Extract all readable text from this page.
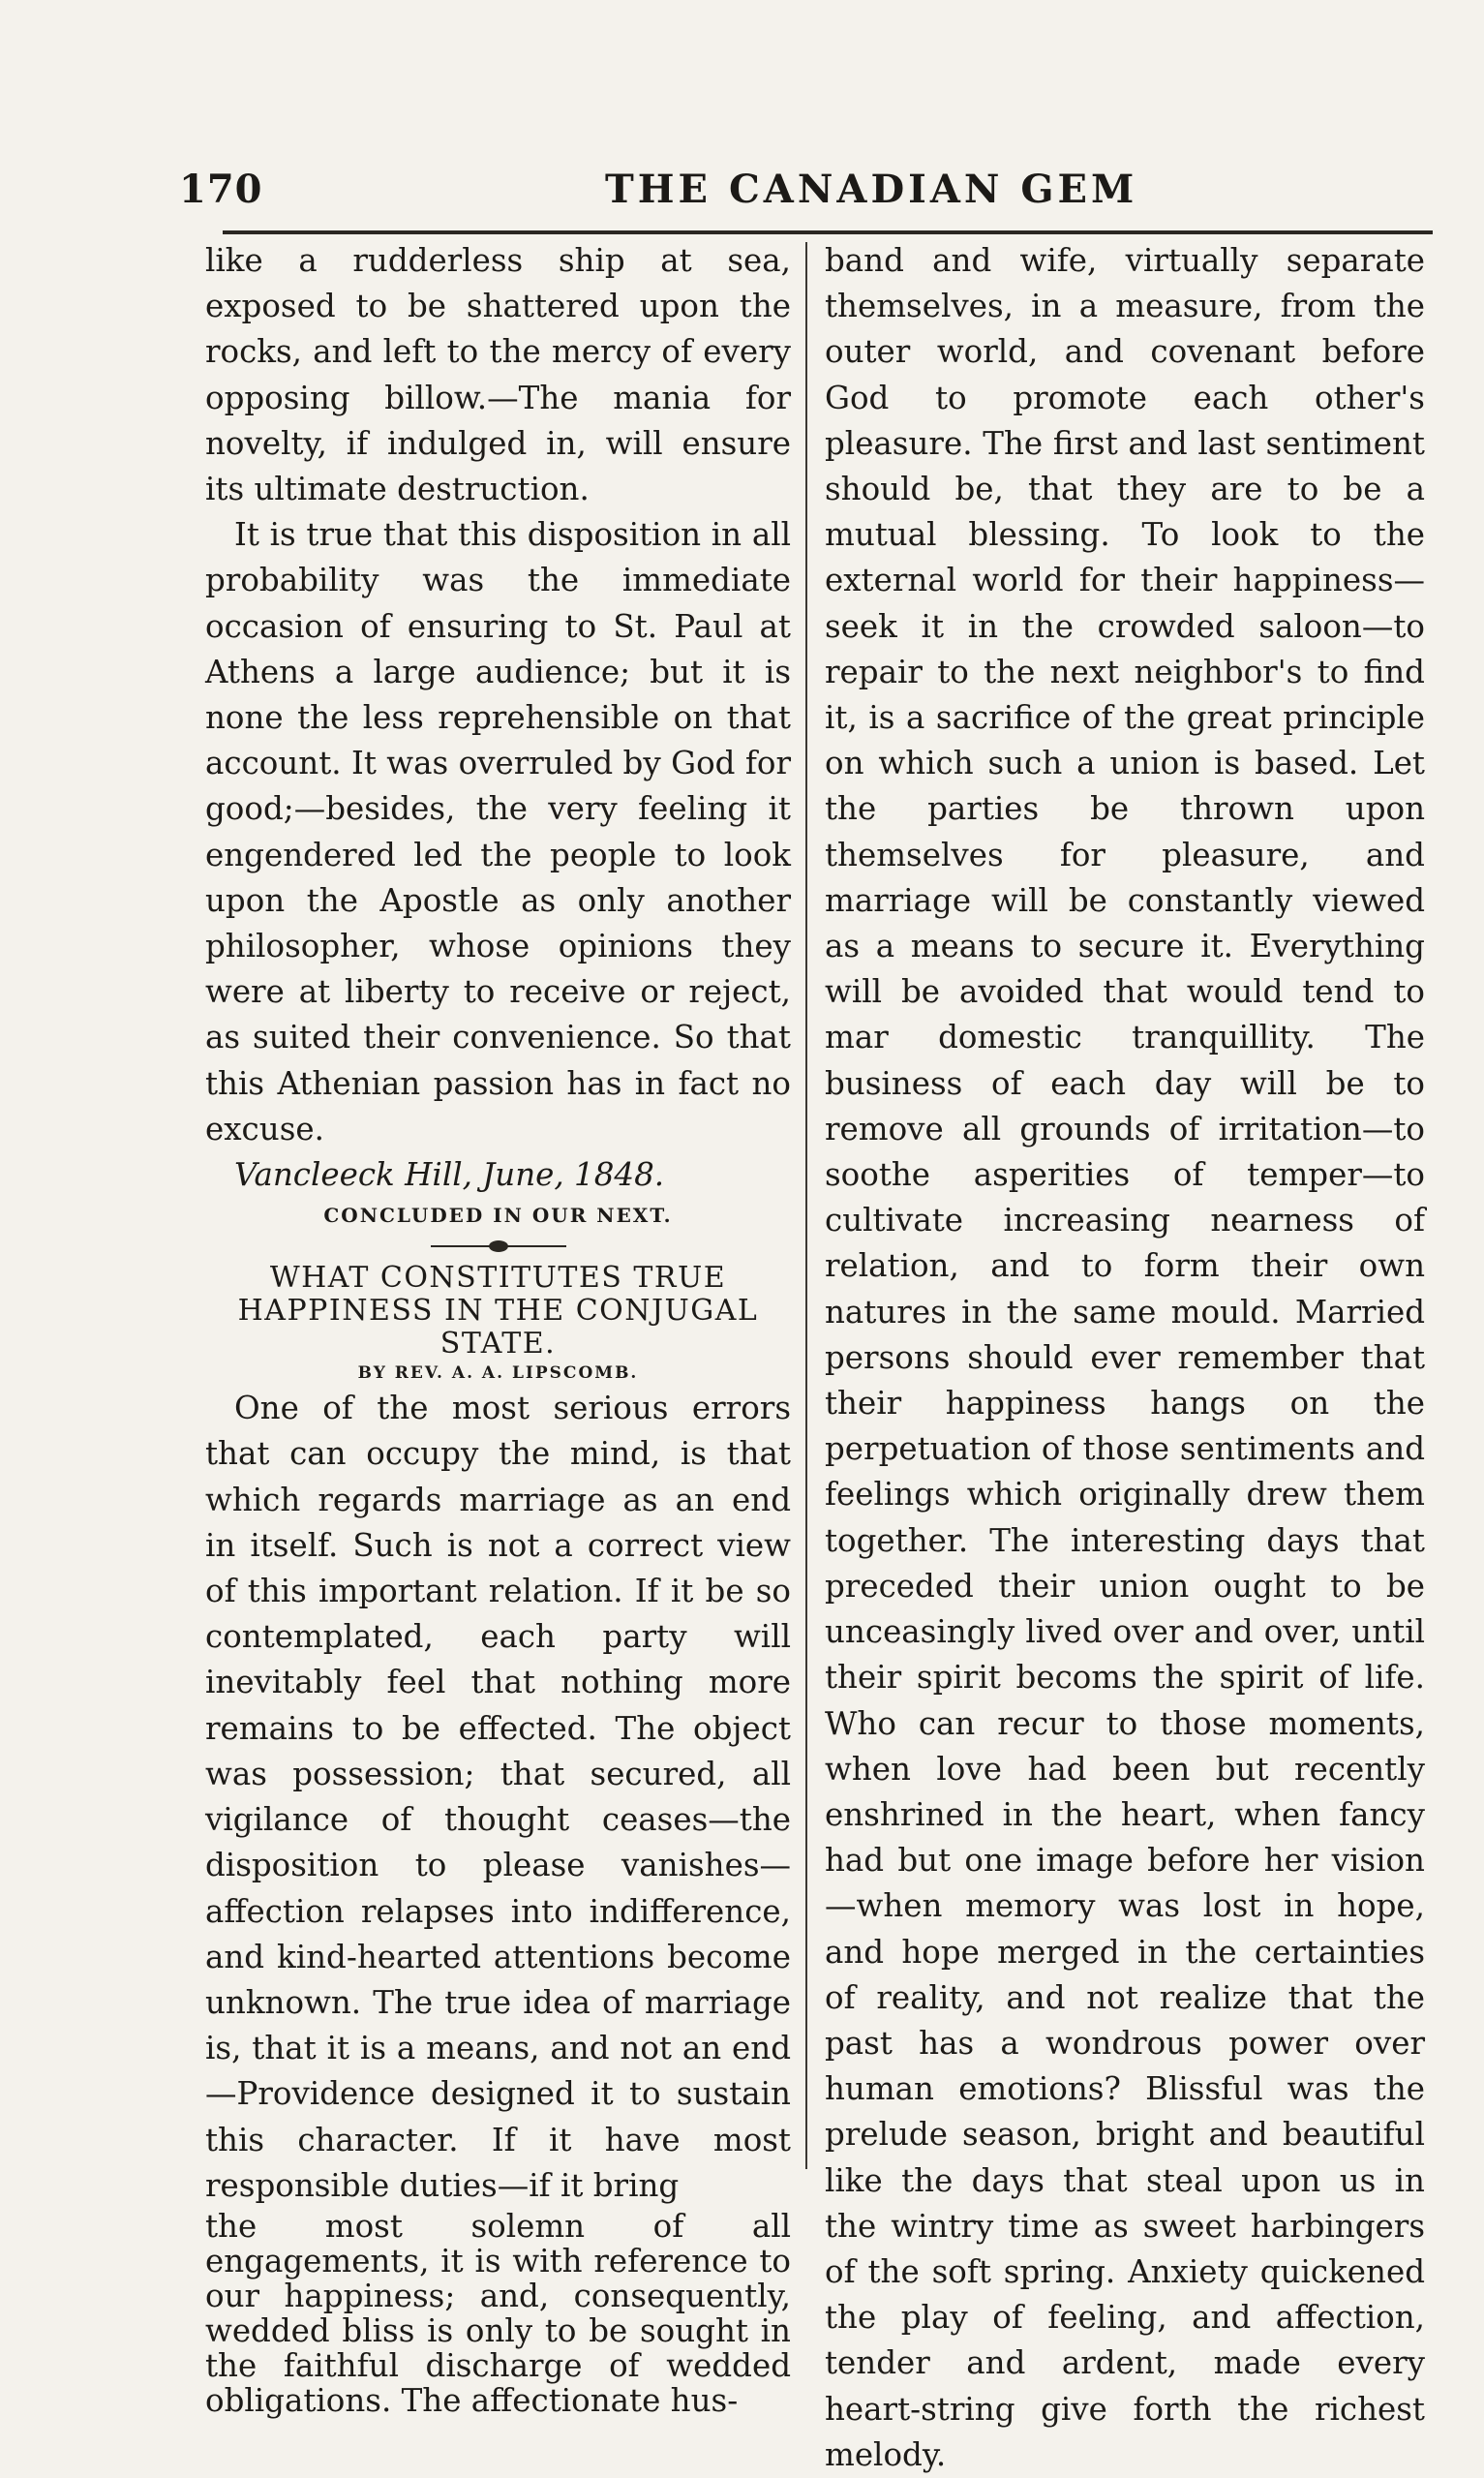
170	THE CANADIAN GEM

like a rudderless ship at sea, exposed to be shattered upon the rocks, and left to the mercy of every opposing billow.—The mania for novelty, if indulged in, will ensure its ultimate destruction.

It is true that this disposition in all probability was the immediate occasion of ensuring to St. Paul at Athens a large audience; but it is none the less reprehensible on that account. It was overruled by God for good;—besides, the very feeling it engendered led the people to look upon the Apostle as only another philosopher, whose opinions they were at liberty to receive or reject, as suited their convenience. So that this Athenian passion has in fact no excuse.

Vancleeck Hill, June, 1848.

CONCLUDED IN OUR NEXT.

WHAT CONSTITUTES TRUE HAPPINESS IN THE CONJUGAL STATE.

BY REV. A. A. LIPSCOMB.

One of the most serious errors that can occupy the mind, is that which regards marriage as an end in itself. Such is not a correct view of this important relation. If it be so contemplated, each party will inevitably feel that nothing more remains to be effected. The object was possession; that secured, all vigilance of thought ceases—the disposition to please vanishes—affection relapses into indifference, and kind-hearted attentions become unknown. The true idea of marriage is, that it is a means, and not an end—Providence designed it to sustain this character. If it have most responsible duties—if it bring

the most solemn of all engagements, it is with reference to our happiness; and, consequently, wedded bliss is only to be sought in the faithful discharge of wedded obligations. The affectionate hus-

band and wife, virtually separate themselves, in a measure, from the outer world, and covenant before God to promote each other's pleasure. The first and last sentiment should be, that they are to be a mutual blessing. To look to the external world for their happiness—seek it in the crowded saloon—to repair to the next neighbor's to find it, is a sacrifice of the great principle on which such a union is based. Let the parties be thrown upon themselves for pleasure, and marriage will be constantly viewed as a means to secure it. Everything will be avoided that would tend to mar domestic tranquillity. The business of each day will be to remove all grounds of irritation—to soothe asperities of temper—to cultivate increasing nearness of relation, and to form their own natures in the same mould. Married persons should ever remember that their happiness hangs on the perpetuation of those sentiments and feelings which originally drew them together. The interesting days that preceded their union ought to be unceasingly lived over and over, until their spirit becoms the spirit of life. Who can recur to those moments, when love had been but recently enshrined in the heart, when fancy had but one image before her vision—when memory was lost in hope, and hope merged in the certainties of reality, and not realize that the past has a wondrous power over human emotions? Blissful was the prelude season, bright and beautiful like the days that steal upon us in the wintry time as sweet harbingers of the soft spring. Anxiety quickened the play of feeling, and affection, tender and ardent, made every heart-string give forth the richest melody.
